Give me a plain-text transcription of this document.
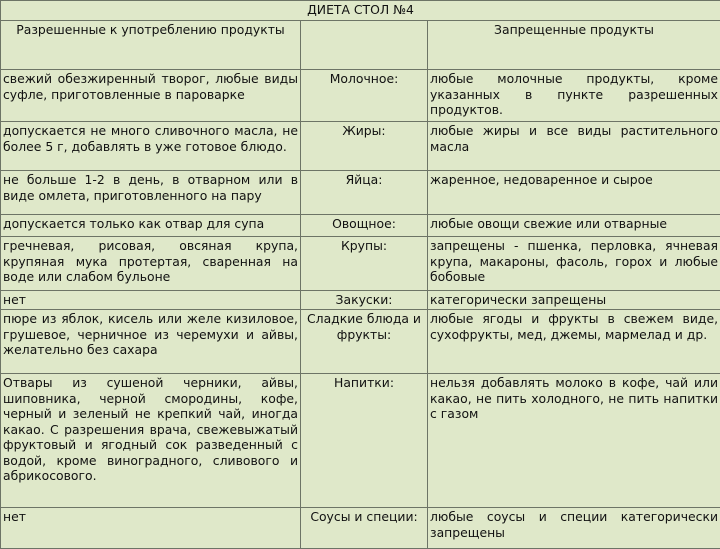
ДИЕТА СТОЛ №4		
Разрешенные к употреблению продукты		Запрещенные продукты
свежий обезжиренный творог, любые виды суфле, приготовленные в пароварке	Молочное:	любые молочные продукты, кроме указанных в пункте разрешенных продуктов.
допускается не много сливочного масла, не более 5 г, добавлять в уже готовое блюдо.	Жиры:	любые жиры и все виды растительного масла
не больше 1-2 в день, в отварном или в виде омлета, приготовленного на пару	Яйца:	жаренное, недоваренное и сырое
допускается только как отвар для супа	Овощное:	любые овощи свежие или отварные
гречневая, рисовая, овсяная крупа, крупяная мука протертая, сваренная на воде или слабом бульоне	Крупы:	запрещены - пшенка, перловка, ячневая крупа, макароны, фасоль, горох и любые бобовые
нет	Закуски:	категорически запрещены
пюре из яблок, кисель или желе кизиловое, грушевое, черничное из черемухи и айвы, желательно без сахара	Сладкие блюда и фрукты:	любые ягоды и фрукты в свежем виде, сухофрукты, мед, джемы, мармелад и др.
Отвары из сушеной черники, айвы, шиповника, черной смородины, кофе, черный и зеленый не крепкий чай, иногда какао. С разрешения врача, свежевыжатый фруктовый и ягодный сок разведенный с водой, кроме виноградного, сливового и абрикосового.	Напитки:	нельзя добавлять молоко в кофе, чай или какао, не пить холодного, не пить напитки с газом
нет	Соусы и специи:	любые соусы и специи категорически запрещены
